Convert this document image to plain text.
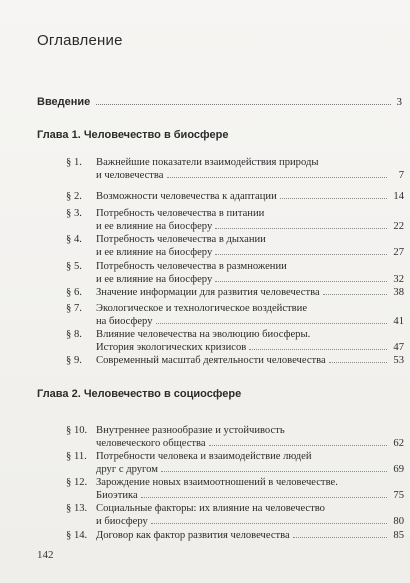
Оглавление
Введение	3
Глава 1. Человечество в биосфере
§ 1.	Важнейшие показатели взаимодействия природы
и человечества	7
§ 2.	Возможности человечества к адаптации	14
§ 3.	Потребность человечества в питании
и ее влияние на биосферу	22
§ 4.	Потребность человечества в дыхании
и ее влияние на биосферу	27
§ 5.	Потребность человечества в размножении
и ее влияние на биосферу	32
§ 6.	Значение информации для развития человечества	38
§ 7.	Экологическое и технологическое воздействие
на биосферу	41
§ 8.	Влияние человечества на эволюцию биосферы.
История экологических кризисов	47
§ 9.	Современный масштаб деятельности человечества	53
Глава 2. Человечество в социосфере
§ 10. Внутреннее разнообразие и устойчивость
человеческого общества	62
§ 11. Потребности человека и взаимодействие людей
друг с другом	69
§ 12. Зарождение новых взаимоотношений в человечестве.
Биоэтика	75
§ 13. Социальные факторы: их влияние на человечество
и биосферу	80
§ 14. Договор как фактор развития человечества	85
142
